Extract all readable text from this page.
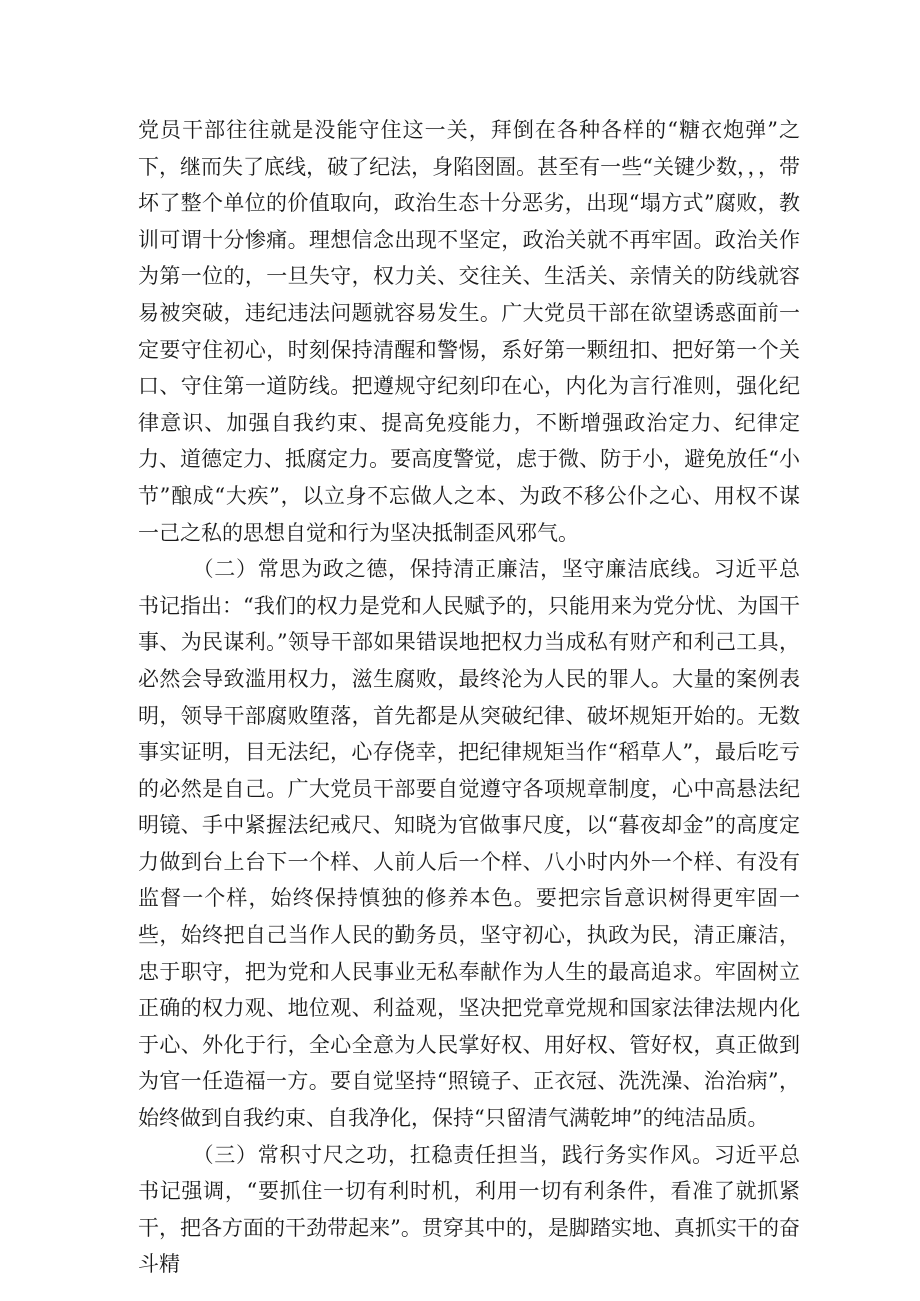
党员干部往往就是没能守住这一关，拜倒在各种各样的“糖衣炮弹”之下，继而失了底线，破了纪法，身陷囹圄。甚至有一些“关键少数，，，带坏了整个单位的价值取向，政治生态十分恶劣，出现“塌方式”腐败，教训可谓十分惨痛。理想信念出现不坚定，政治关就不再牢固。政治关作为第一位的，一旦失守，权力关、交往关、生活关、亲情关的防线就容易被突破，违纪违法问题就容易发生。广大党员干部在欲望诱惑面前一定要守住初心，时刻保持清醒和警惕，系好第一颗纽扣、把好第一个关口、守住第一道防线。把遵规守纪刻印在心，内化为言行准则，强化纪律意识、加强自我约束、提高免疫能力，不断增强政治定力、纪律定力、道德定力、抵腐定力。要高度警觉，虑于微、防于小，避免放任“小节”酿成“大疾”，以立身不忘做人之本、为政不移公仆之心、用权不谋一己之私的思想自觉和行为坚决抵制歪风邪气。

（二）常思为政之德，保持清正廉洁，坚守廉洁底线。习近平总书记指出：“我们的权力是党和人民赋予的，只能用来为党分忧、为国干事、为民谋利。”领导干部如果错误地把权力当成私有财产和利己工具，必然会导致滥用权力，滋生腐败，最终沦为人民的罪人。大量的案例表明，领导干部腐败堕落，首先都是从突破纪律、破坏规矩开始的。无数事实证明，目无法纪，心存侥幸，把纪律规矩当作“稻草人”，最后吃亏的必然是自己。广大党员干部要自觉遵守各项规章制度，心中高悬法纪明镜、手中紧握法纪戒尺、知晓为官做事尺度，以“暮夜却金”的高度定力做到台上台下一个样、人前人后一个样、八小时内外一个样、有没有监督一个样，始终保持慎独的修养本色。要把宗旨意识树得更牢固一些，始终把自己当作人民的勤务员，坚守初心，执政为民，清正廉洁，忠于职守，把为党和人民事业无私奉献作为人生的最高追求。牢固树立正确的权力观、地位观、利益观，坚决把党章党规和国家法律法规内化于心、外化于行，全心全意为人民掌好权、用好权、管好权，真正做到为官一任造福一方。要自觉坚持“照镜子、正衣冠、洗洗澡、治治病”，始终做到自我约束、自我净化，保持“只留清气满乾坤”的纯洁品质。

（三）常积寸尺之功，扛稳责任担当，践行务实作风。习近平总书记强调，“要抓住一切有利时机，利用一切有利条件，看准了就抓紧干，把各方面的干劲带起来”。贯穿其中的，是脚踏实地、真抓实干的奋斗精
